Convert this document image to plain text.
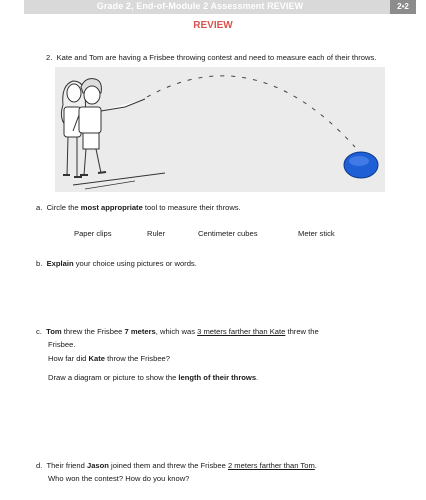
Grade 2, End-of-Module 2 Assessment REVIEW	2•2
REVIEW
2. Kate and Tom are having a Frisbee throwing contest and need to measure each of their throws.
a. Circle the most appropriate tool to measure their throws.
Paper clips	Ruler	Centimeter cubes	Meter stick
b. Explain your choice using pictures or words.
c. Tom threw the Frisbee 7 meters, which was 3 meters farther than Kate threw the
Frisbee.
How far did Kate throw the Frisbee?
Draw a diagram or picture to show the length of their throws.
d. Their friend Jason joined them and threw the Frisbee 2 meters farther than Tom.
Who won the contest? How do you know?
